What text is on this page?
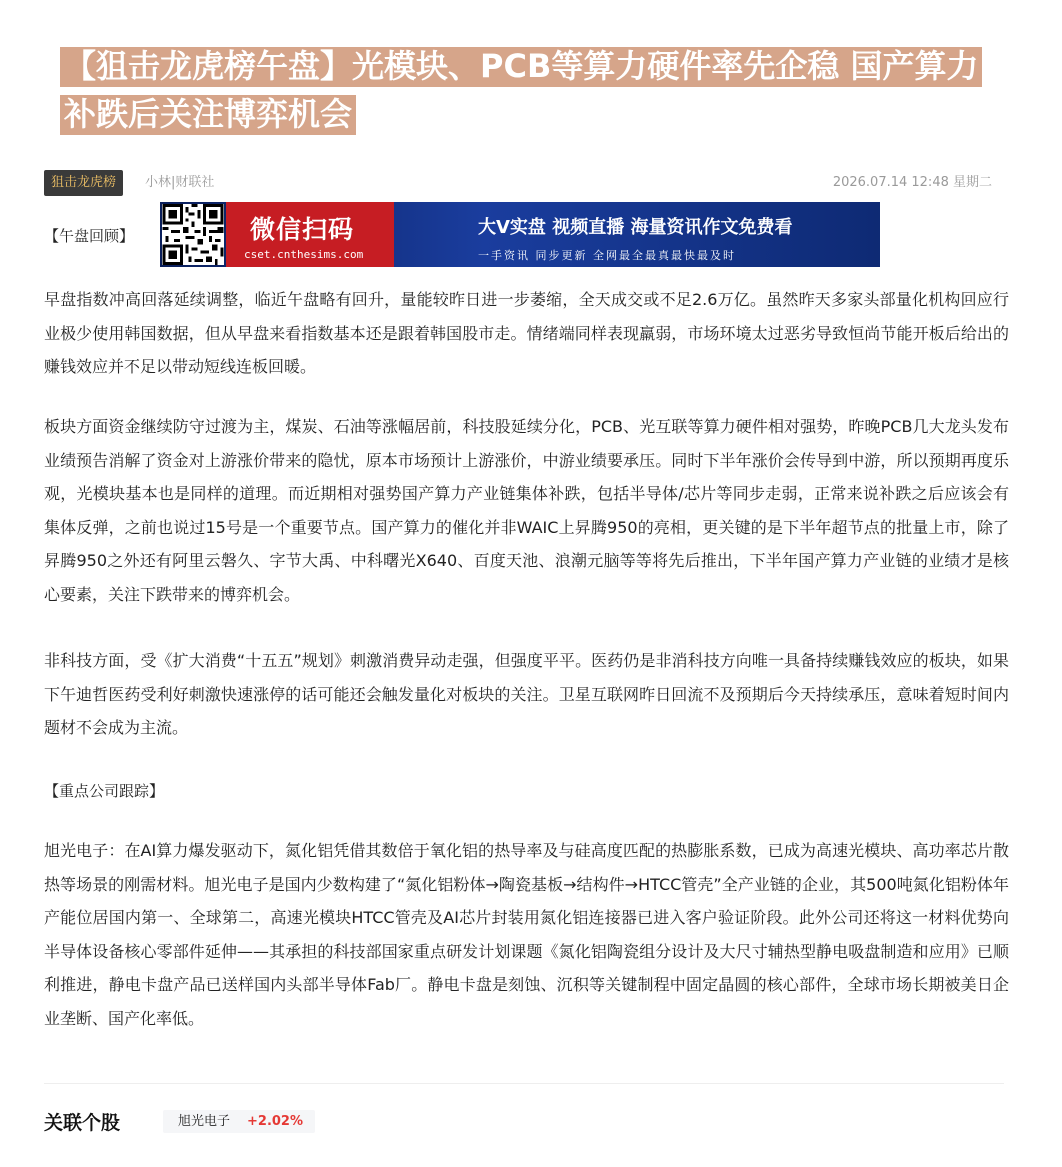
【狙击龙虎榜午盘】光模块、PCB等算力硬件率先企稳 国产算力补跌后关注博弈机会
狙击龙虎榜	小林|财联社	2026.07.14 12:48 星期二
【午盘回顾】	微信扫码
cset.cnthesims.com
大V实盘 视频直播 海量资讯作文免费看
一手资讯 同步更新 全网最全最真最快最及时

早盘指数冲高回落延续调整，临近午盘略有回升，量能较昨日进一步萎缩，全天成交或不足2.6万亿。虽然昨天多家头部量化机构回应行业极少使用韩国数据，但从早盘来看指数基本还是跟着韩国股市走。情绪端同样表现羸弱，市场环境太过恶劣导致恒尚节能开板后给出的赚钱效应并不足以带动短线连板回暖。

板块方面资金继续防守过渡为主，煤炭、石油等涨幅居前，科技股延续分化，PCB、光互联等算力硬件相对强势，昨晚PCB几大龙头发布业绩预告消解了资金对上游涨价带来的隐忧，原本市场预计上游涨价，中游业绩要承压。同时下半年涨价会传导到中游，所以预期再度乐观，光模块基本也是同样的道理。而近期相对强势国产算力产业链集体补跌，包括半导体/芯片等同步走弱，正常来说补跌之后应该会有集体反弹，之前也说过15号是一个重要节点。国产算力的催化并非WAIC上昇腾950的亮相，更关键的是下半年超节点的批量上市，除了昇腾950之外还有阿里云磐久、字节大禹、中科曙光X640、百度天池、浪潮元脑等等将先后推出，下半年国产算力产业链的业绩才是核心要素，关注下跌带来的博弈机会。

非科技方面，受《扩大消费“十五五”规划》刺激消费异动走强，但强度平平。医药仍是非消科技方向唯一具备持续赚钱效应的板块，如果下午迪哲医药受利好刺激快速涨停的话可能还会触发量化对板块的关注。卫星互联网昨日回流不及预期后今天持续承压，意味着短时间内题材不会成为主流。

【重点公司跟踪】

旭光电子：在AI算力爆发驱动下，氮化铝凭借其数倍于氧化铝的热导率及与硅高度匹配的热膨胀系数，已成为高速光模块、高功率芯片散热等场景的刚需材料。旭光电子是国内少数构建了“氮化铝粉体→陶瓷基板→结构件→HTCC管壳”全产业链的企业，其500吨氮化铝粉体年产能位居国内第一、全球第二，高速光模块HTCC管壳及AI芯片封装用氮化铝连接器已进入客户验证阶段。此外公司还将这一材料优势向半导体设备核心零部件延伸——其承担的科技部国家重点研发计划课题《氮化铝陶瓷组分设计及大尺寸辅热型静电吸盘制造和应用》已顺利推进，静电卡盘产品已送样国内头部半导体Fab厂。静电卡盘是刻蚀、沉积等关键制程中固定晶圆的核心部件，全球市场长期被美日企业垄断、国产化率低。

关联个股	旭光电子 +2.02%
